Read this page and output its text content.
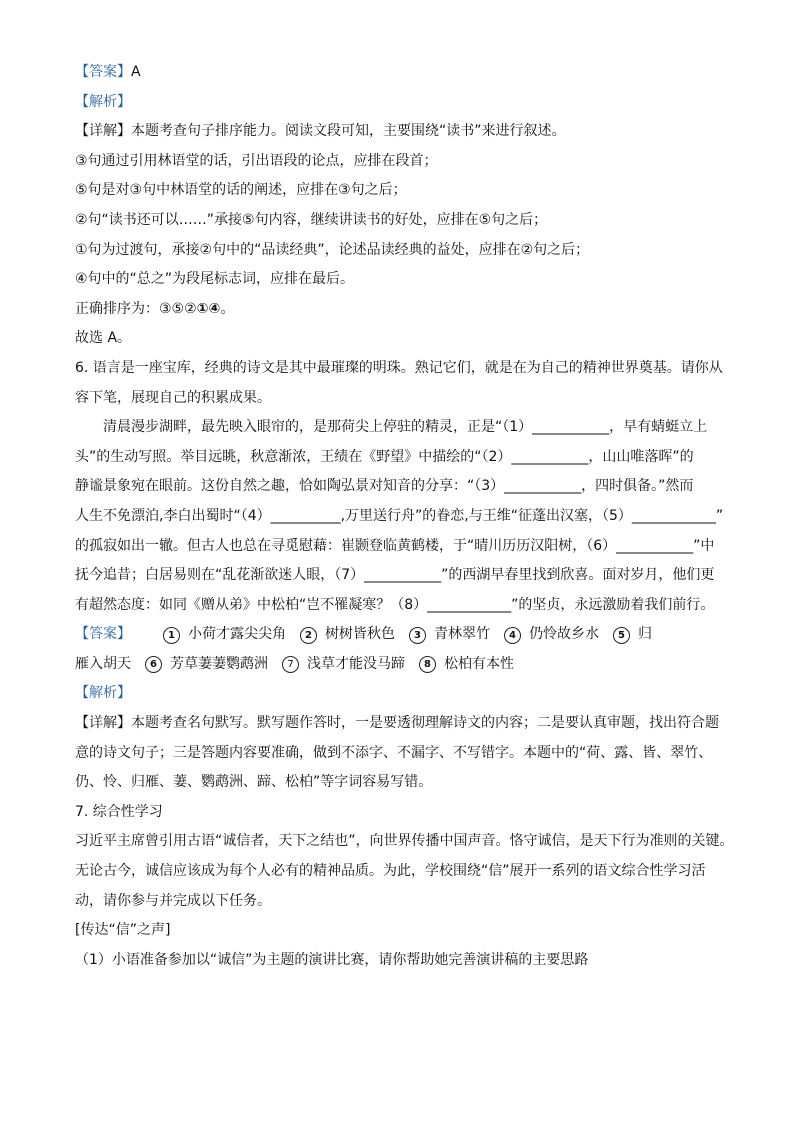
【答案】A
【解析】
【详解】本题考查句子排序能力。阅读文段可知，主要围绕“读书”来进行叙述。
③句通过引用林语堂的话，引出语段的论点，应排在段首；
⑤句是对③句中林语堂的话的阐述，应排在③句之后；
②句“读书还可以……”承接⑤句内容，继续讲读书的好处，应排在⑤句之后；
①句为过渡句，承接②句中的“品读经典”，论述品读经典的益处，应排在②句之后；
④句中的“总之”为段尾标志词，应排在最后。
正确排序为：③⑤②①④。
故选 A。
6. 语言是一座宝库，经典的诗文是其中最璀璨的明珠。熟记它们，就是在为自己的精神世界奠基。请你从
容下笔，展现自己的积累成果。
清晨漫步湖畔，最先映入眼帘的，是那荷尖上停驻的精灵，正是“（1）___________，早有蜻蜓立上
头”的生动写照。举目远眺，秋意渐浓，王绩在《野望》中描绘的“（2）___________，山山唯落晖”的
静谧景象宛在眼前。这份自然之趣，恰如陶弘景对知音的分享：“（3）___________，四时俱备。”然而
人生不免漂泊,李白出蜀时“（4）__________,万里送行舟”的眷恋,与王维“征蓬出汉塞，（5）____________”
的孤寂如出一辙。但古人也总在寻觅慰藉：崔颢登临黄鹤楼，于“晴川历历汉阳树，（6）___________”中
抚今追昔；白居易则在“乱花渐欲迷人眼，（7）___________”的西湖早春里找到欣喜。面对岁月，他们更
有超然态度：如同《赠从弟》中松柏“岂不罹凝寒？（8）____________”的坚贞，永远激励着我们前行。
【答案】	1 小荷才露尖尖角	2 树树皆秋色	3 青林翠竹	4 仍怜故乡水	5 归
雁入胡天	6 芳草萋萋鹦鹉洲	7 浅草才能没马蹄	8 松柏有本性
【解析】
【详解】本题考查名句默写。默写题作答时，一是要透彻理解诗文的内容；二是要认真审题，找出符合题
意的诗文句子；三是答题内容要准确，做到不添字、不漏字、不写错字。本题中的“荷、露、皆、翠竹、
仍、怜、归雁、萋、鹦鹉洲、蹄、松柏”等字词容易写错。
7. 综合性学习
习近平主席曾引用古语“诚信者，天下之结也”，向世界传播中国声音。恪守诚信，是天下行为准则的关键。
无论古今，诚信应该成为每个人必有的精神品质。为此，学校围绕“信”展开一系列的语文综合性学习活
动，请你参与并完成以下任务。
[传达“信”之声]
（1）小语准备参加以“诚信”为主题的演讲比赛，请你帮助她完善演讲稿的主要思路
